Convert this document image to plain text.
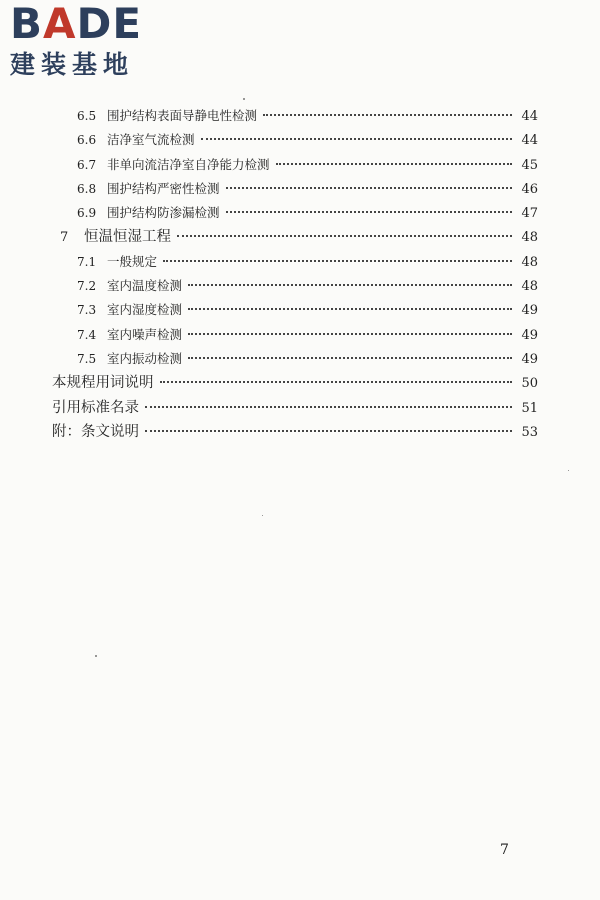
BADE
建装基地
6.5 围护结构表面导静电性检测	44
6.6 洁净室气流检测	44
6.7 非单向流洁净室自净能力检测	45
6.8 围护结构严密性检测	46
6.9 围护结构防渗漏检测	47
7	恒温恒湿工程	48
7.1 一般规定	48
7.2 室内温度检测	48
7.3 室内湿度检测	49
7.4 室内噪声检测	49
7.5 室内振动检测	49
本规程用词说明	50
引用标准名录	51
附：条文说明	53
7
